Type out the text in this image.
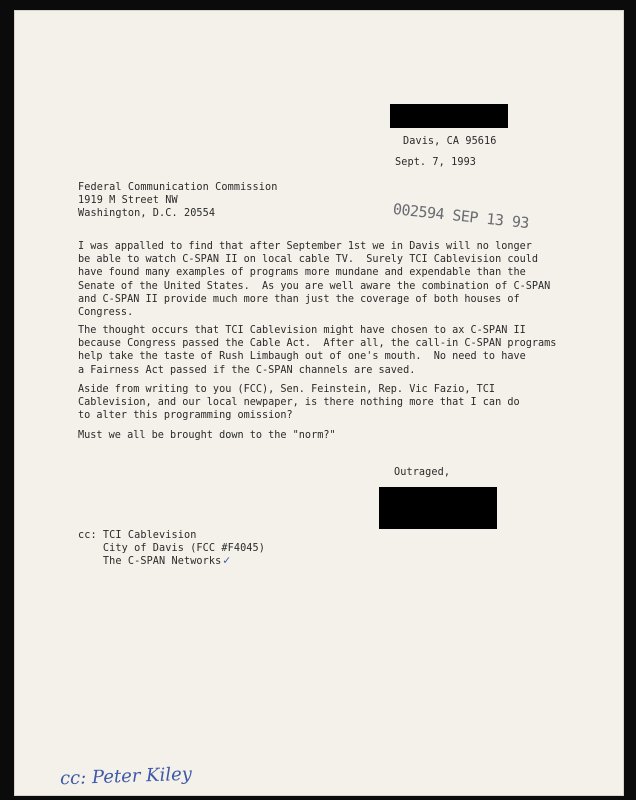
Davis, CA 95616
Sept. 7, 1993
Federal Communication Commission
1919 M Street NW
Washington, D.C. 20554	002594 SEP 13 93
I was appalled to find that after September 1st we in Davis will no longer
be able to watch C-SPAN II on local cable TV.  Surely TCI Cablevision could
have found many examples of programs more mundane and expendable than the
Senate of the United States.  As you are well aware the combination of C-SPAN
and C-SPAN II provide much more than just the coverage of both houses of
Congress.
The thought occurs that TCI Cablevision might have chosen to ax C-SPAN II
because Congress passed the Cable Act.  After all, the call-in C-SPAN programs
help take the taste of Rush Limbaugh out of one's mouth.  No need to have
a Fairness Act passed if the C-SPAN channels are saved.
Aside from writing to you (FCC), Sen. Feinstein, Rep. Vic Fazio, TCI
Cablevision, and our local newpaper, is there nothing more that I can do
to alter this programming omission?
Must we all be brought down to the "norm?"
Outraged,
cc: TCI Cablevision
City of Davis (FCC #F4045)
The C-SPAN Networks ✓
cc: Peter Kiley
